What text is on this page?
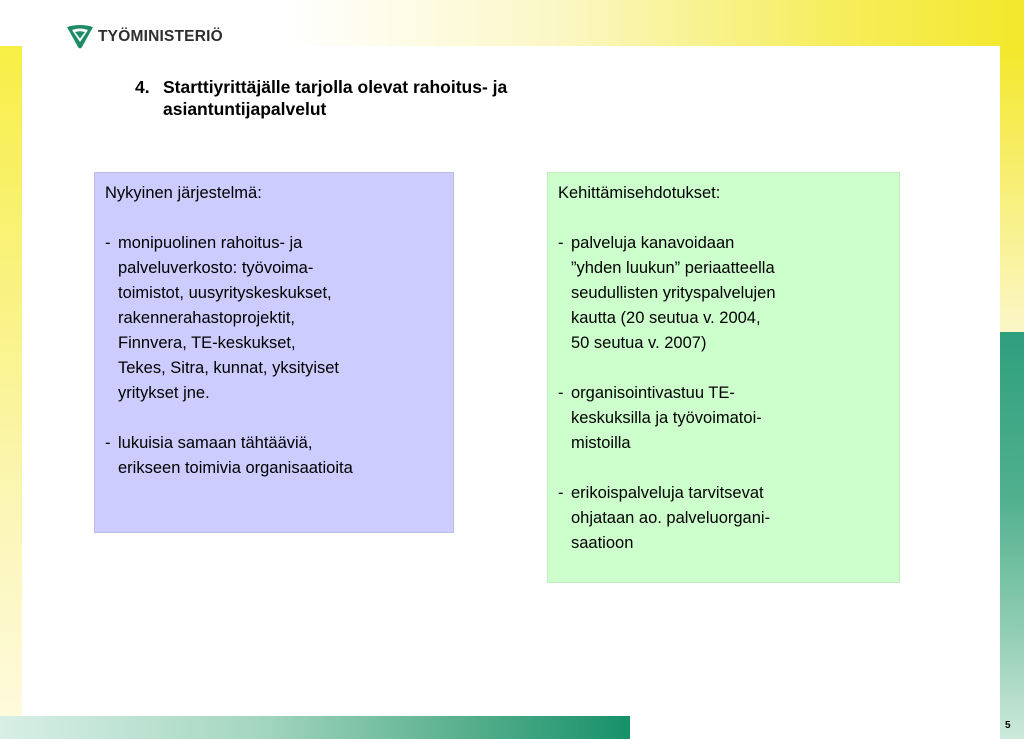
TYÖMINISTERIÖ
4. Starttiyrittäjälle tarjolla olevat rahoitus- ja
asiantuntijapalvelut
Nykyinen järjestelmä:
- monipuolinen rahoitus- ja
palveluverkosto: työvoima-
toimistot, uusyrityskeskukset,
rakennerahastoprojektit,
Finnvera, TE-keskukset,
Tekes, Sitra, kunnat, yksityiset
yritykset jne.
- lukuisia samaan tähtääviä,
erikseen toimivia organisaatioita
Kehittämisehdotukset:
- palveluja kanavoidaan
”yhden luukun” periaatteella
seudullisten yrityspalvelujen
kautta (20 seutua v. 2004,
50 seutua v. 2007)
- organisointivastuu TE-
keskuksilla ja työvoimatoi-
mistoilla
- erikoispalveluja tarvitsevat
ohjataan ao. palveluorgani-
saatioon
5
